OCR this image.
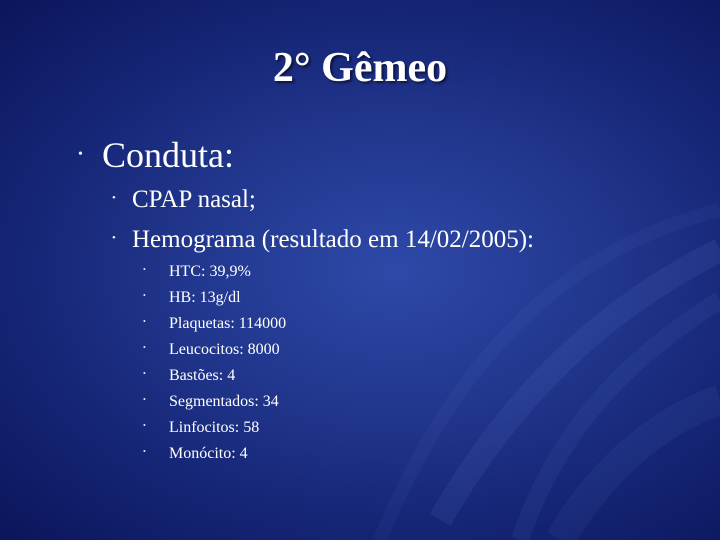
2° Gêmeo
• Conduta:
• CPAP nasal;
• Hemograma (resultado em 14/02/2005):
• HTC: 39,9%
• HB: 13g/dl
• Plaquetas: 114000
• Leucocitos: 8000
• Bastões: 4
• Segmentados: 34
• Linfocitos: 58
• Monócito: 4
